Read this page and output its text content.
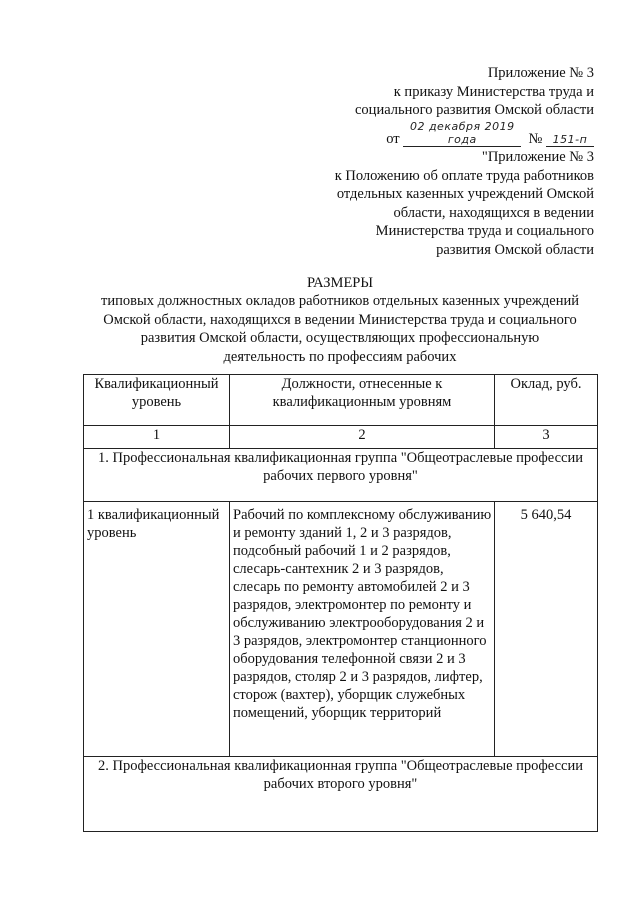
Приложение № 3
к приказу Министерства труда и
социального развития Омской области
от 02 декабря 2019 года	№ 151-п
"Приложение № 3
к Положению об оплате труда работников
отдельных казенных учреждений Омской
области, находящихся в ведении
Министерства труда и социального
развития Омской области
РАЗМЕРЫ
типовых должностных окладов работников отдельных казенных учреждений
Омской области, находящихся в ведении Министерства труда и социального
развития Омской области, осуществляющих профессиональную
деятельность по профессиям рабочих
Квалификационный уровень	Должности, отнесенные к квалификационным уровням	Оклад, руб.
1	2	3
1. Профессиональная квалификационная группа "Общеотраслевые профессии рабочих первого уровня"		
1 квалификационный уровень	Рабочий по комплексному обслуживанию и ремонту зданий 1, 2 и 3 разрядов, подсобный рабочий 1 и 2 разрядов, слесарь-сантехник 2 и 3 разрядов, слесарь по ремонту автомобилей 2 и 3 разрядов, электромонтер по ремонту и обслуживанию электрооборудования 2 и 3 разрядов, электромонтер станционного оборудования телефонной связи 2 и 3 разрядов, столяр 2 и 3 разрядов, лифтер, сторож (вахтер), уборщик служебных помещений, уборщик территорий	5 640,54
2. Профессиональная квалификационная группа "Общеотраслевые профессии рабочих второго уровня"		
